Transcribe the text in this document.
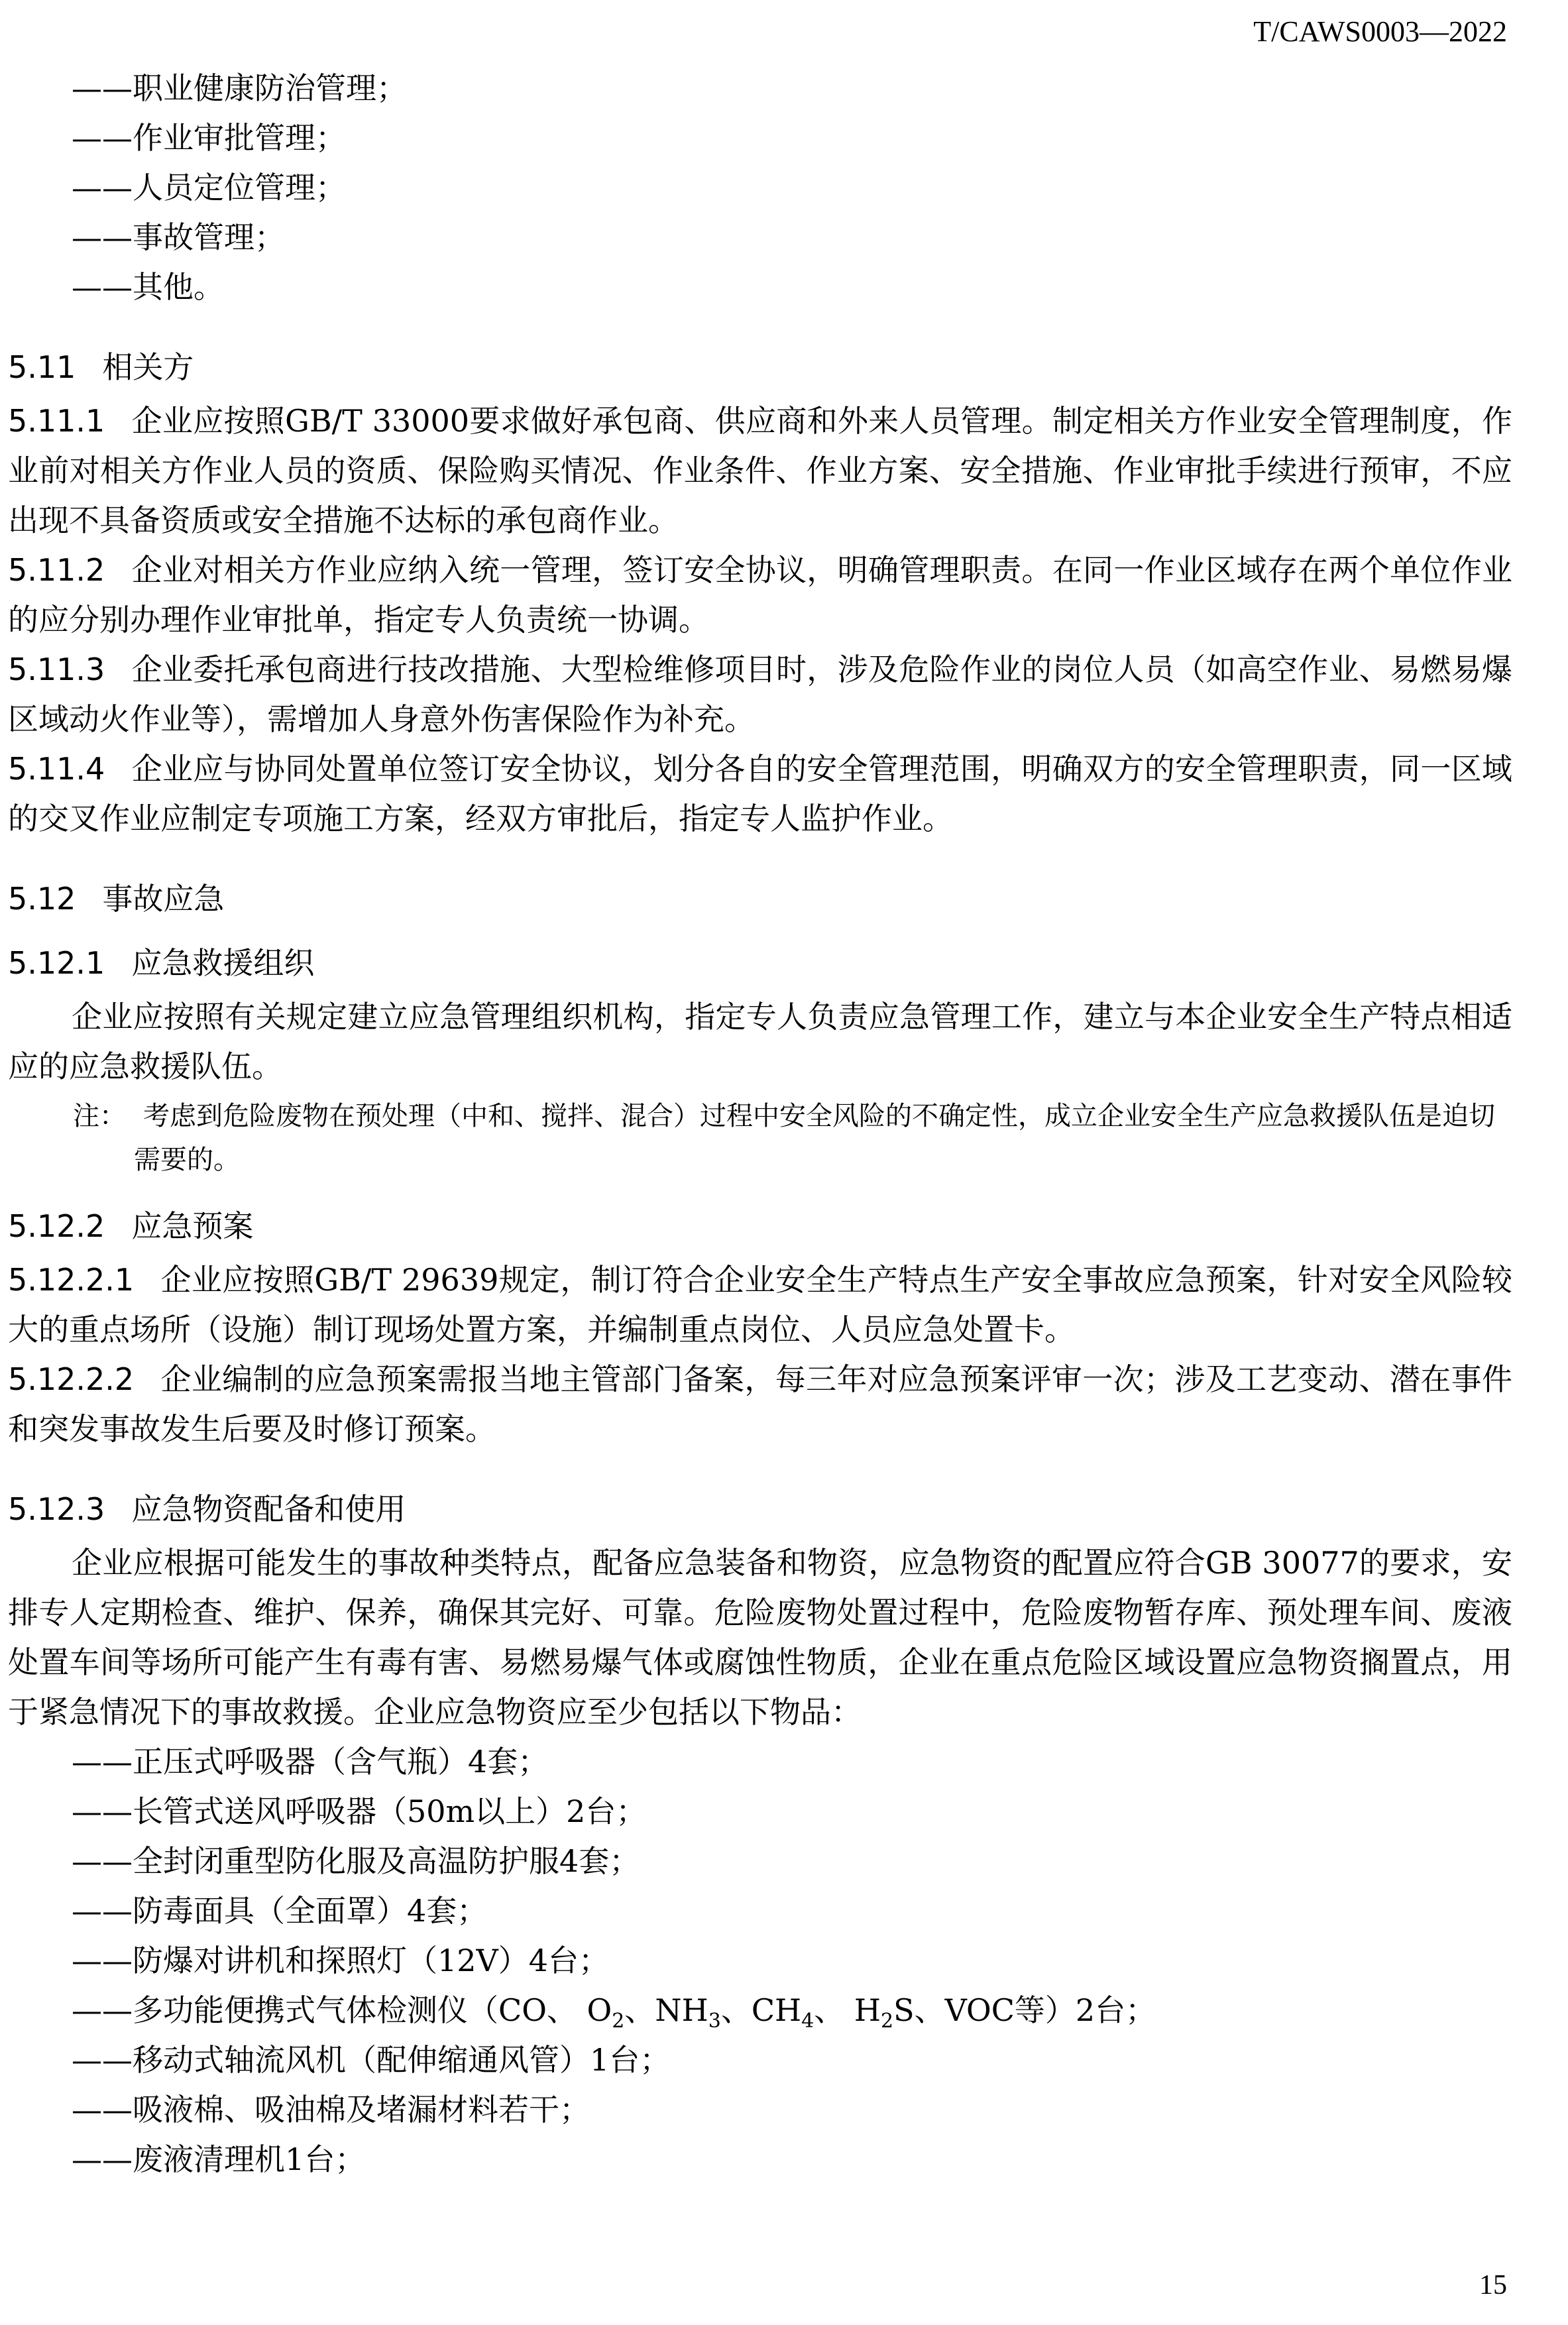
T/CAWS0003—2022
——职业健康防治管理；
——作业审批管理；
——人员定位管理；
——事故管理；
——其他。
5.11 相关方
5.11.1 企业应按照GB/T 33000要求做好承包商、供应商和外来人员管理。制定相关方作业安全管理制度，作业前对相关方作业人员的资质、保险购买情况、作业条件、作业方案、安全措施、作业审批手续进行预审，不应出现不具备资质或安全措施不达标的承包商作业。
5.11.2 企业对相关方作业应纳入统一管理，签订安全协议，明确管理职责。在同一作业区域存在两个单位作业的应分别办理作业审批单，指定专人负责统一协调。
5.11.3 企业委托承包商进行技改措施、大型检维修项目时，涉及危险作业的岗位人员（如高空作业、易燃易爆区域动火作业等），需增加人身意外伤害保险作为补充。
5.11.4 企业应与协同处置单位签订安全协议，划分各自的安全管理范围，明确双方的安全管理职责，同一区域的交叉作业应制定专项施工方案，经双方审批后，指定专人监护作业。
5.12 事故应急
5.12.1 应急救援组织
企业应按照有关规定建立应急管理组织机构，指定专人负责应急管理工作，建立与本企业安全生产特点相适应的应急救援队伍。
注： 考虑到危险废物在预处理（中和、搅拌、混合）过程中安全风险的不确定性，成立企业安全生产应急救援队伍是迫切需要的。
5.12.2 应急预案
5.12.2.1 企业应按照GB/T 29639规定，制订符合企业安全生产特点生产安全事故应急预案，针对安全风险较大的重点场所（设施）制订现场处置方案，并编制重点岗位、人员应急处置卡。
5.12.2.2 企业编制的应急预案需报当地主管部门备案，每三年对应急预案评审一次；涉及工艺变动、潜在事件和突发事故发生后要及时修订预案。
5.12.3 应急物资配备和使用
企业应根据可能发生的事故种类特点，配备应急装备和物资，应急物资的配置应符合GB 30077的要求，安排专人定期检查、维护、保养，确保其完好、可靠。危险废物处置过程中，危险废物暂存库、预处理车间、废液处置车间等场所可能产生有毒有害、易燃易爆气体或腐蚀性物质，企业在重点危险区域设置应急物资搁置点，用于紧急情况下的事故救援。企业应急物资应至少包括以下物品：
——正压式呼吸器（含气瓶）4套；
——长管式送风呼吸器（50m以上）2台；
——全封闭重型防化服及高温防护服4套；
——防毒面具（全面罩）4套；
——防爆对讲机和探照灯（12V）4台；
——多功能便携式气体检测仪（CO、 $O_2$、$NH_3$、$CH_4$、 $H_2S$、VOC等）2台；
——移动式轴流风机（配伸缩通风管）1台；
——吸液棉、吸油棉及堵漏材料若干；
——废液清理机1台；
15
